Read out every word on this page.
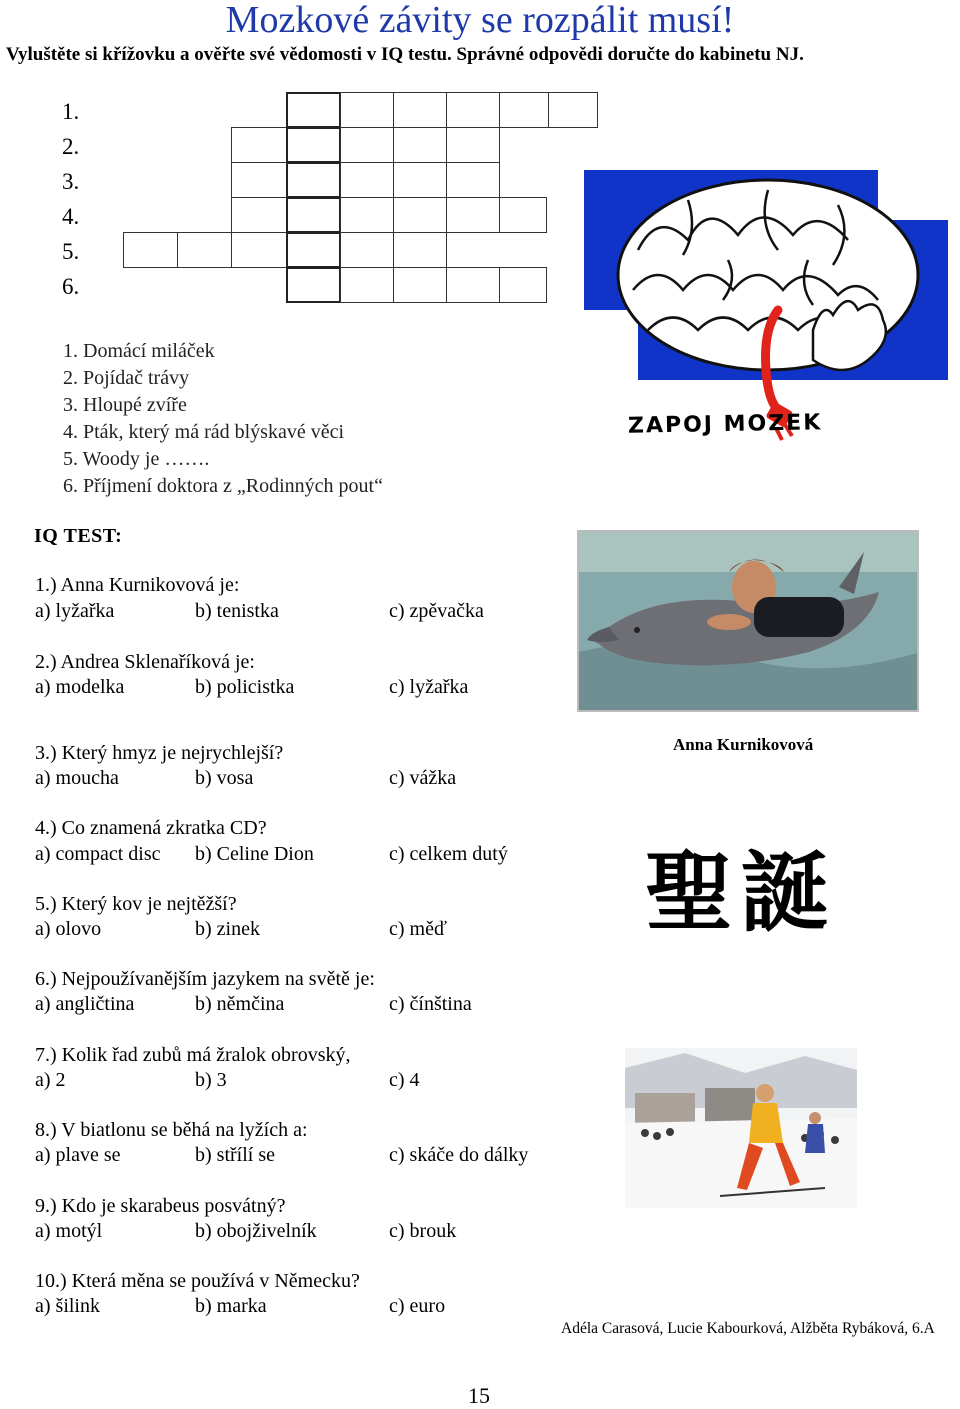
Mozkové závity se rozpálit musí!
Vyluštěte si křížovku a ověřte své vědomosti v IQ testu. Správné odpovědi doručte do kabinetu NJ.
1.
2.
3.
4.
5.
6.
1. Domácí miláček
2. Pojídač trávy
3. Hloupé zvíře
4. Pták, který má rád blýskavé věci
5. Woody je …….
6. Příjmení doktora z „Rodinných pout“
IQ TEST:
1.) Anna Kurnikovová je:
a) lyžařka	b) tenistka	c) zpěvačka
2.) Andrea Sklenaříková je:
a) modelka	b) policistka	c) lyžařka
3.) Který hmyz je nejrychlejší?
a) moucha	b) vosa	c) vážka
4.) Co znamená zkratka CD?
a) compact disc b) Celine Dion	c) celkem dutý
5.) Který kov je nejtěžší?
a) olovo	b) zinek	c) měď
6.) Nejpoužívanějším jazykem na světě je:
a) angličtina	b) němčina	c) čínština
7.) Kolik řad zubů má žralok obrovský,
a) 2	b) 3	c) 4
8.) V biatlonu se běhá na lyžích a:
a) plave se	b) střílí se	c) skáče do dálky
9.) Kdo je skarabeus posvátný?
a) motýl	b) obojživelník	c) brouk
10.) Která měna se používá v Německu?
a) šilink	b) marka	c) euro
ZAPOJ MOZEK
Anna Kurnikovová
聖誕
Adéla Carasová, Lucie Kabourková, Alžběta Rybáková, 6.A
15
